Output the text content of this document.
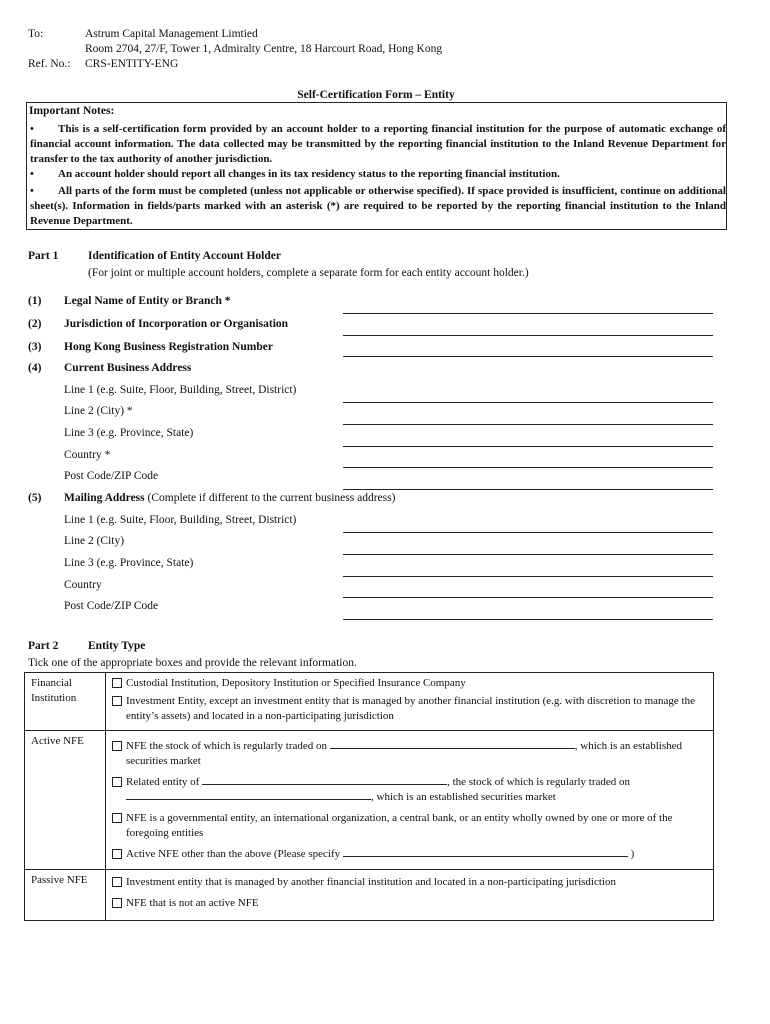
To:	Astrum Capital Management Limtied
Room 2704, 27/F, Tower 1, Admiralty Centre, 18 Harcourt Road, Hong Kong
Ref. No.: CRS-ENTITY-ENG
Self-Certification Form – Entity
Important Notes:
• This is a self-certification form provided by an account holder to a reporting financial institution for the purpose of automatic exchange of financial account information. The data collected may be transmitted by the reporting financial institution to the Inland Revenue Department for transfer to the tax authority of another jurisdiction.
• An account holder should report all changes in its tax residency status to the reporting financial institution.
• All parts of the form must be completed (unless not applicable or otherwise specified). If space provided is insufficient, continue on additional sheet(s). Information in fields/parts marked with an asterisk (*) are required to be reported by the reporting financial institution to the Inland Revenue Department.
Part 1	Identification of Entity Account Holder
(For joint or multiple account holders, complete a separate form for each entity account holder.)
(1) Legal Name of Entity or Branch *
(2) Jurisdiction of Incorporation or Organisation
(3) Hong Kong Business Registration Number
(4) Current Business Address
Line 1 (e.g. Suite, Floor, Building, Street, District)
Line 2 (City) *
Line 3 (e.g. Province, State)
Country *
Post Code/ZIP Code
(5) Mailing Address (Complete if different to the current business address)
Line 1 (e.g. Suite, Floor, Building, Street, District)
Line 2 (City)
Line 3 (e.g. Province, State)
Country
Post Code/ZIP Code
Part 2	Entity Type
Tick one of the appropriate boxes and provide the relevant information.
Financial Institution	Custodial Institution, Depository Institution or Specified Insurance Company
Investment Entity, except an investment entity that is managed by another financial institution (e.g. with discretion to manage the entity’s assets) and located in a non-participating jurisdiction

Active NFE	NFE the stock of which is regularly traded on , which is an established securities market
Related entity of , the stock of which is regularly traded on
, which is an established securities market
NFE is a governmental entity, an international organization, a central bank, or an entity wholly owned by one or more of the foregoing entities
Active NFE other than the above (Please specify )

Passive NFE	Investment entity that is managed by another financial institution and located in a non-participating jurisdiction
NFE that is not an active NFE
